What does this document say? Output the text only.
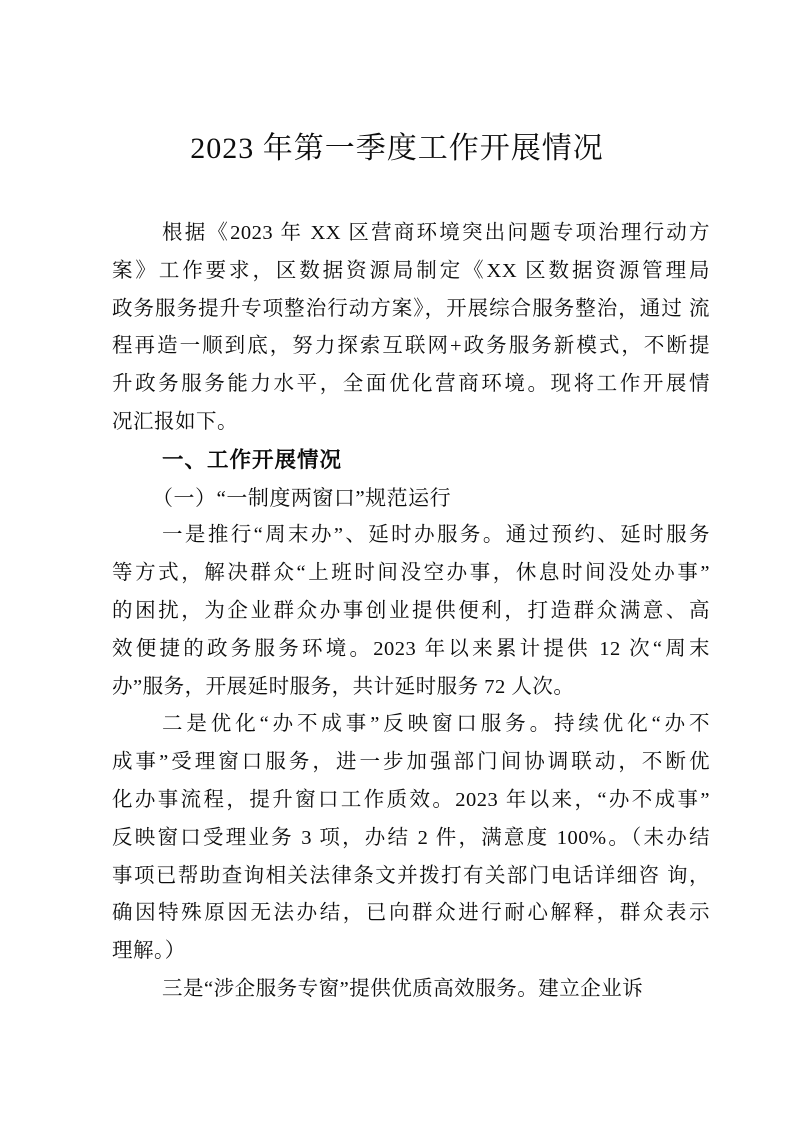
2023 年第一季度工作开展情况
根据《2023 年 XX 区营商环境突出问题专项治理行动方
案》工作要求，区数据资源局制定《XX 区数据资源管理局
政务服务提升专项整治行动方案》，开展综合服务整治，通过 流
程再造一顺到底，努力探索互联网+政务服务新模式，不断提
升政务服务能力水平，全面优化营商环境。现将工作开展情
况汇报如下。
一、工作开展情况
（一）“一制度两窗口”规范运行
一是推行“周末办”、延时办服务。通过预约、延时服务
等方式，解决群众“上班时间没空办事，休息时间没处办事”
的困扰，为企业群众办事创业提供便利，打造群众满意、高
效便捷的政务服务环境。2023 年以来累计提供 12 次“周末
办”服务，开展延时服务，共计延时服务 72 人次。
二是优化“办不成事”反映窗口服务。持续优化“办不
成事”受理窗口服务，进一步加强部门间协调联动，不断优
化办事流程，提升窗口工作质效。2023 年以来，“办不成事”
反映窗口受理业务 3 项，办结 2 件，满意度 100%。（未办结
事项已帮助查询相关法律条文并拨打有关部门电话详细咨 询，
确因特殊原因无法办结，已向群众进行耐心解释，群众表示
理解。）
三是“涉企服务专窗”提供优质高效服务。建立企业诉
